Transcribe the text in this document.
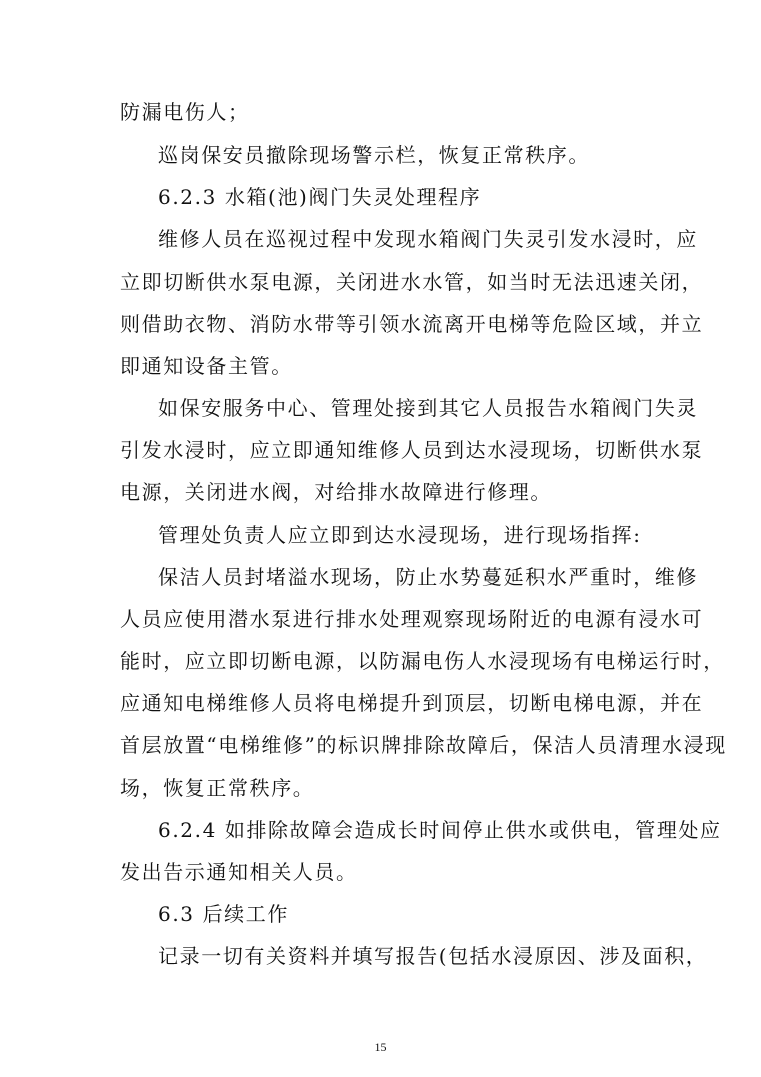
防漏电伤人；
巡岗保安员撤除现场警示栏，恢复正常秩序。
6.2.3 水箱(池)阀门失灵处理程序
维修人员在巡视过程中发现水箱阀门失灵引发水浸时，应
立即切断供水泵电源，关闭进水水管，如当时无法迅速关闭，
则借助衣物、消防水带等引领水流离开电梯等危险区域，并立
即通知设备主管。
如保安服务中心、管理处接到其它人员报告水箱阀门失灵
引发水浸时，应立即通知维修人员到达水浸现场，切断供水泵
电源，关闭进水阀，对给排水故障进行修理。
管理处负责人应立即到达水浸现场，进行现场指挥:
保洁人员封堵溢水现场，防止水势蔓延积水严重时，维修
人员应使用潜水泵进行排水处理观察现场附近的电源有浸水可
能时，应立即切断电源，以防漏电伤人水浸现场有电梯运行时，
应通知电梯维修人员将电梯提升到顶层，切断电梯电源，并在
首层放置“电梯维修”的标识牌排除故障后，保洁人员清理水浸现
场，恢复正常秩序。
6.2.4 如排除故障会造成长时间停止供水或供电，管理处应
发出告示通知相关人员。
6.3 后续工作
记录一切有关资料并填写报告(包括水浸原因、涉及面积，
15
